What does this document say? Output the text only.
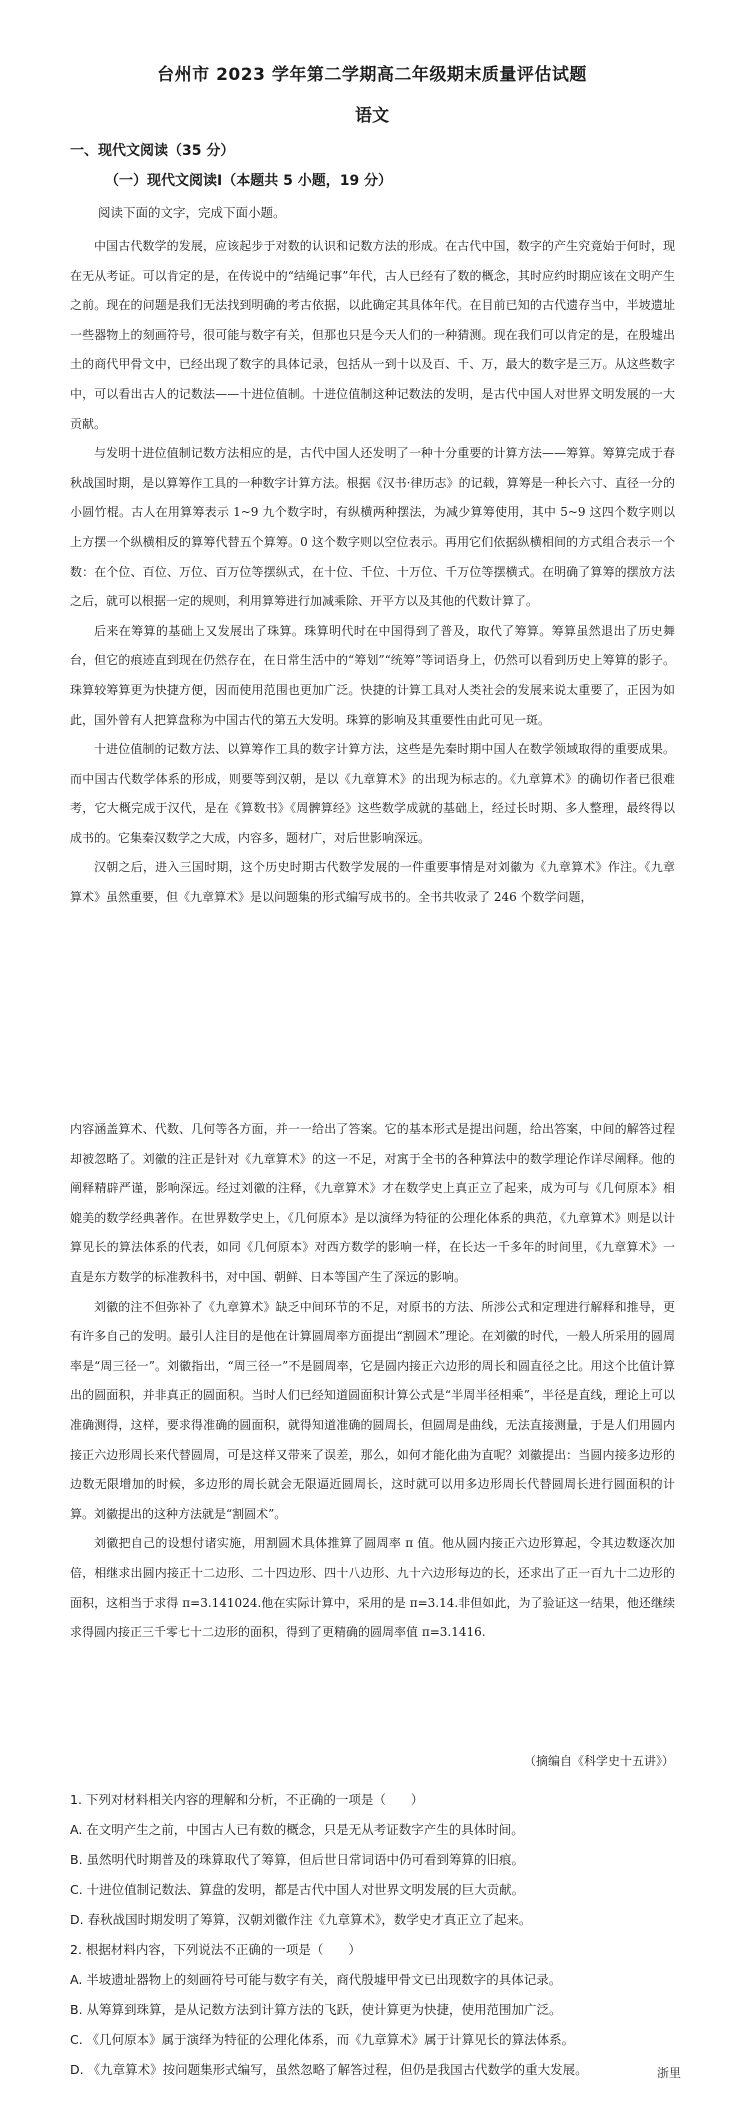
台州市 2023 学年第二学期高二年级期末质量评估试题
语文
一、现代文阅读（35 分）
（一）现代文阅读Ⅰ（本题共 5 小题，19 分）
阅读下面的文字，完成下面小题。

中国古代数学的发展，应该起步于对数的认识和记数方法的形成。在古代中国，数字的产生究竟始于何时，现在无从考证。可以肯定的是，在传说中的“结绳记事”年代，古人已经有了数的概念，其时应约时期应该在文明产生之前。现在的问题是我们无法找到明确的考古依据，以此确定其具体年代。在目前已知的古代遗存当中，半坡遗址一些器物上的刻画符号，很可能与数字有关，但那也只是今天人们的一种猜测。现在我们可以肯定的是，在殷墟出土的商代甲骨文中，已经出现了数字的具体记录，包括从一到十以及百、千、万，最大的数字是三万。从这些数字中，可以看出古人的记数法——十进位值制。十进位值制这种记数法的发明，是古代中国人对世界文明发展的一大贡献。

与发明十进位值制记数方法相应的是，古代中国人还发明了一种十分重要的计算方法——筹算。筹算完成于春秋战国时期，是以算筹作工具的一种数字计算方法。根据《汉书·律历志》的记载，算筹是一种长六寸、直径一分的小圆竹棍。古人在用算筹表示 1~9 九个数字时，有纵横两种摆法，为减少算筹使用，其中 5~9 这四个数字则以上方摆一个纵横相反的算筹代替五个算筹。0 这个数字则以空位表示。再用它们依据纵横相间的方式组合表示一个数：在个位、百位、万位、百万位等摆纵式，在十位、千位、十万位、千万位等摆横式。在明确了算筹的摆放方法之后，就可以根据一定的规则，利用算筹进行加减乘除、开平方以及其他的代数计算了。

后来在筹算的基础上又发展出了珠算。珠算明代时在中国得到了普及，取代了筹算。筹算虽然退出了历史舞台，但它的痕迹直到现在仍然存在，在日常生活中的“筹划”“统筹”等词语身上，仍然可以看到历史上筹算的影子。珠算较筹算更为快捷方便，因而使用范围也更加广泛。快捷的计算工具对人类社会的发展来说太重要了，正因为如此，国外曾有人把算盘称为中国古代的第五大发明。珠算的影响及其重要性由此可见一斑。

十进位值制的记数方法、以算筹作工具的数字计算方法，这些是先秦时期中国人在数学领域取得的重要成果。而中国古代数学体系的形成，则要等到汉朝，是以《九章算术》的出现为标志的。《九章算术》的确切作者已很难考，它大概完成于汉代，是在《算数书》《周髀算经》这些数学成就的基础上，经过长时期、多人整理，最终得以成书的。它集秦汉数学之大成，内容多，题材广，对后世影响深远。

汉朝之后，进入三国时期，这个历史时期古代数学发展的一件重要事情是对刘徽为《九章算术》作注。《九章算术》虽然重要，但《九章算术》是以问题集的形式编写成书的。全书共收录了 246 个数学问题，

内容涵盖算术、代数、几何等各方面，并一一给出了答案。它的基本形式是提出问题，给出答案，中间的解答过程却被忽略了。刘徽的注正是针对《九章算术》的这一不足，对寓于全书的各种算法中的数学理论作详尽阐释。他的阐释精辟严谨，影响深远。经过刘徽的注释，《九章算术》才在数学史上真正立了起来，成为可与《几何原本》相媲美的数学经典著作。在世界数学史上，《几何原本》是以演绎为特征的公理化体系的典范，《九章算术》则是以计算见长的算法体系的代表，如同《几何原本》对西方数学的影响一样，在长达一千多年的时间里，《九章算术》一直是东方数学的标准教科书，对中国、朝鲜、日本等国产生了深远的影响。

刘徽的注不但弥补了《九章算术》缺乏中间环节的不足，对原书的方法、所涉公式和定理进行解释和推导，更有许多自己的发明。最引人注目的是他在计算圆周率方面提出“割圆术”理论。在刘徽的时代，一般人所采用的圆周率是“周三径一”。刘徽指出，“周三径一”不是圆周率，它是圆内接正六边形的周长和圆直径之比。用这个比值计算出的圆面积，并非真正的圆面积。当时人们已经知道圆面积计算公式是“半周半径相乘”，半径是直线，理论上可以准确测得，这样，要求得准确的圆面积，就得知道准确的圆周长，但圆周是曲线，无法直接测量，于是人们用圆内接正六边形周长来代替圆周，可是这样又带来了误差，那么，如何才能化曲为直呢？刘徽提出：当圆内接多边形的边数无限增加的时候，多边形的周长就会无限逼近圆周长，这时就可以用多边形周长代替圆周长进行圆面积的计算。刘徽提出的这种方法就是“割圆术”。

刘徽把自己的设想付诸实施，用割圆术具体推算了圆周率 π 值。他从圆内接正六边形算起，令其边数逐次加倍，相继求出圆内接正十二边形、二十四边形、四十八边形、九十六边形每边的长，还求出了正一百九十二边形的面积，这相当于求得 π=3.141024.他在实际计算中，采用的是 π=3.14.非但如此，为了验证这一结果，他还继续求得圆内接正三千零七十二边形的面积，得到了更精确的圆周率值 π=3.1416.

（摘编自《科学史十五讲》）
1. 下列对材料相关内容的理解和分析，不正确的一项是（　　）
A. 在文明产生之前，中国古人已有数的概念，只是无从考证数字产生的具体时间。
B. 虽然明代时期普及的珠算取代了筹算，但后世日常词语中仍可看到筹算的旧痕。
C. 十进位值制记数法、算盘的发明，都是古代中国人对世界文明发展的巨大贡献。
D. 春秋战国时期发明了筹算，汉朝刘徽作注《九章算术》，数学史才真正立了起来。
2. 根据材料内容，下列说法不正确的一项是（　　）
A. 半坡遗址器物上的刻画符号可能与数字有关，商代殷墟甲骨文已出现数字的具体记录。
B. 从筹算到珠算，是从记数方法到计算方法的飞跃，使计算更为快捷，使用范围加广泛。
C. 《几何原本》属于演绎为特征的公理化体系，而《九章算术》属于计算见长的算法体系。
D. 《九章算术》按问题集形式编写，虽然忽略了解答过程，但仍是我国古代数学的重大发展。	浙里
